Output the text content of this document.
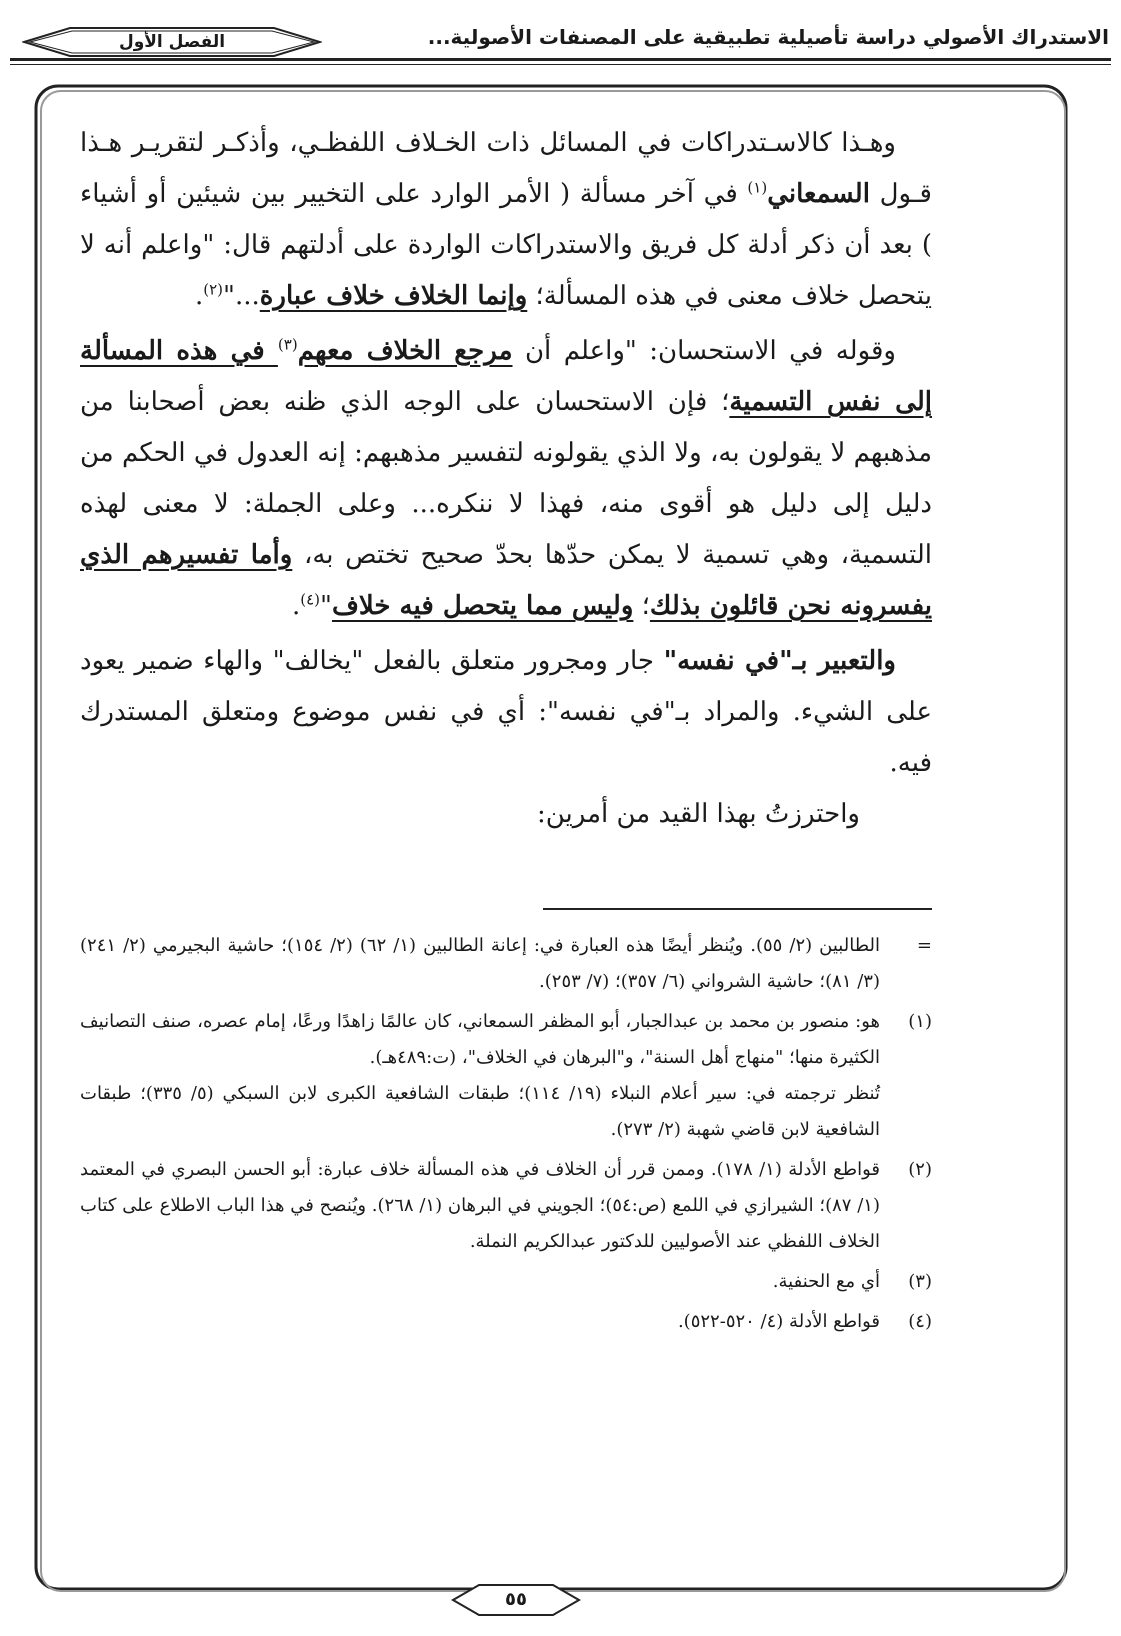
الاستدراك الأصولي دراسة تأصيلية تطبيقية على المصنفات الأصولية...
الفصل الأول

وهـذا كالاسـتدراكات في المسائل ذات الخـلاف اللفظـي، وأذكـر لتقريـر هـذا قـول السمعاني$^{(١)}$ في آخر مسألة ( الأمر الوارد على التخيير بين شيئين أو أشياء ) بعد أن ذكر أدلة كل فريق والاستدراكات الواردة على أدلتهم قال: "واعلم أنه لا يتحصل خلاف معنى في هذه المسألة؛ وإنما الخلاف خلاف عبارة..."$^{(٢)}$.

وقوله في الاستحسان: "واعلم أن مرجع الخلاف معهم$^{(٣)}$ في هذه المسألة إلى نفس التسمية؛ فإن الاستحسان على الوجه الذي ظنه بعض أصحابنا من مذهبهم لا يقولون به، ولا الذي يقولونه لتفسير مذهبهم: إنه العدول في الحكم من دليل إلى دليل هو أقوى منه، فهذا لا ننكره... وعلى الجملة: لا معنى لهذه التسمية، وهي تسمية لا يمكن حدّها بحدّ صحيح تختص به، وأما تفسيرهم الذي يفسرونه نحن قائلون بذلك؛ وليس مما يتحصل فيه خلاف"$^{(٤)}$.

والتعبير بـ"في نفسه" جار ومجرور متعلق بالفعل "يخالف" والهاء ضمير يعود على الشيء. والمراد بـ"في نفسه": أي في نفس موضوع ومتعلق المستدرك فيه.

واحترزتُ بهذا القيد من أمرين:

=
الطالبين (٢/ ٥٥). ويُنظر أيضًا هذه العبارة في: إعانة الطالبين (١/ ٦٢) (٢/ ١٥٤)؛ حاشية البجيرمي (٢/ ٢٤١) (٣/ ٨١)؛ حاشية الشرواني (٦/ ٣٥٧)؛ (٧/ ٢٥٣).

(١)
هو: منصور بن محمد بن عبدالجبار، أبو المظفر السمعاني، كان عالمًا زاهدًا ورعًا، إمام عصره، صنف التصانيف الكثيرة منها؛ "منهاج أهل السنة"، و"البرهان في الخلاف"، (ت:٤٨٩هـ).

تُنظر ترجمته في: سير أعلام النبلاء (١٩/ ١١٤)؛ طبقات الشافعية الكبرى لابن السبكي (٥/ ٣٣٥)؛ طبقات الشافعية لابن قاضي شهبة (٢/ ٢٧٣).

(٢)
قواطع الأدلة (١/ ١٧٨). وممن قرر أن الخلاف في هذه المسألة خلاف عبارة: أبو الحسن البصري في المعتمد (١/ ٨٧)؛ الشيرازي في اللمع (ص:٥٤)؛ الجويني في البرهان (١/ ٢٦٨). ويُنصح في هذا الباب الاطلاع على كتاب الخلاف اللفظي عند الأصوليين للدكتور عبدالكريم النملة.

(٣)
أي مع الحنفية.

(٤)
قواطع الأدلة (٤/ ٥٢٠-٥٢٢).

٥٥
